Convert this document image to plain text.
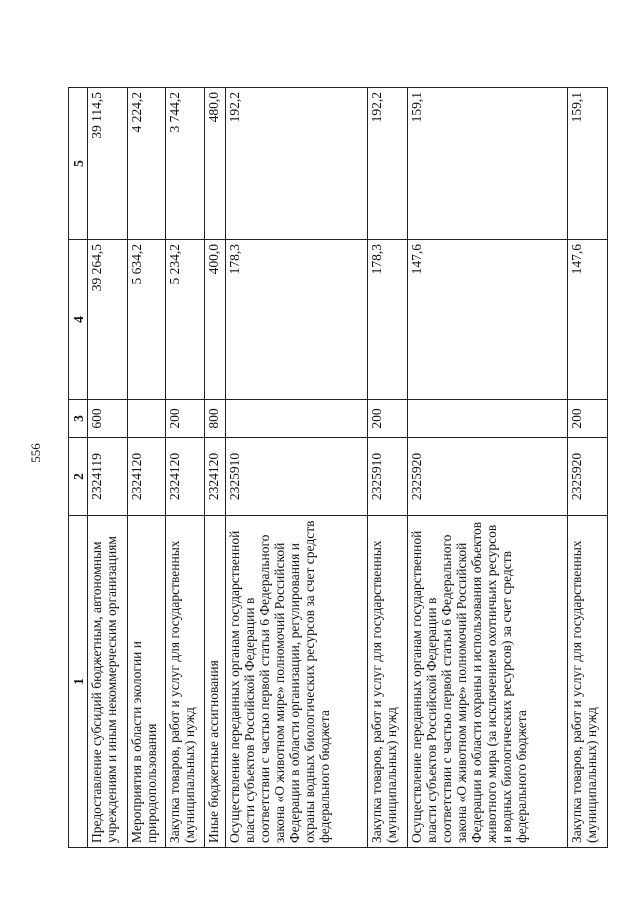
556
1	2	3	4	5
Предоставление субсидий бюджетным, автономным учреждениям и иным некоммерческим организациям	2324119	600	39 264,5	39 114,5
Мероприятия в области экологии и природопользования	2324120		5 634,2	4 224,2
Закупка товаров, работ и услуг для государственных (муниципальных) нужд	2324120	200	5 234,2	3 744,2
Иные бюджетные ассигнования	2324120	800	400,0	480,0
Осуществление переданных органам государственной власти субъектов Российской Федерации в соответствии с частью первой статьи 6 Федерального закона «О животном мире» полномочий Российской Федерации в области организации, регулирования и охраны водных биологических ресурсов за счет средств федерального бюджета	2325910		178,3	192,2
Закупка товаров, работ и услуг для государственных (муниципальных) нужд	2325910	200	178,3	192,2
Осуществление переданных органам государственной власти субъектов Российской Федерации в соответствии с частью первой статьи 6 Федерального закона «О животном мире» полномочий Российской Федерации в области охраны и использования объектов животного мира (за исключением охотничьих ресурсов и водных биологических ресурсов) за счет средств федерального бюджета	2325920		147,6	159,1
Закупка товаров, работ и услуг для государственных (муниципальных) нужд	2325920	200	147,6	159,1
